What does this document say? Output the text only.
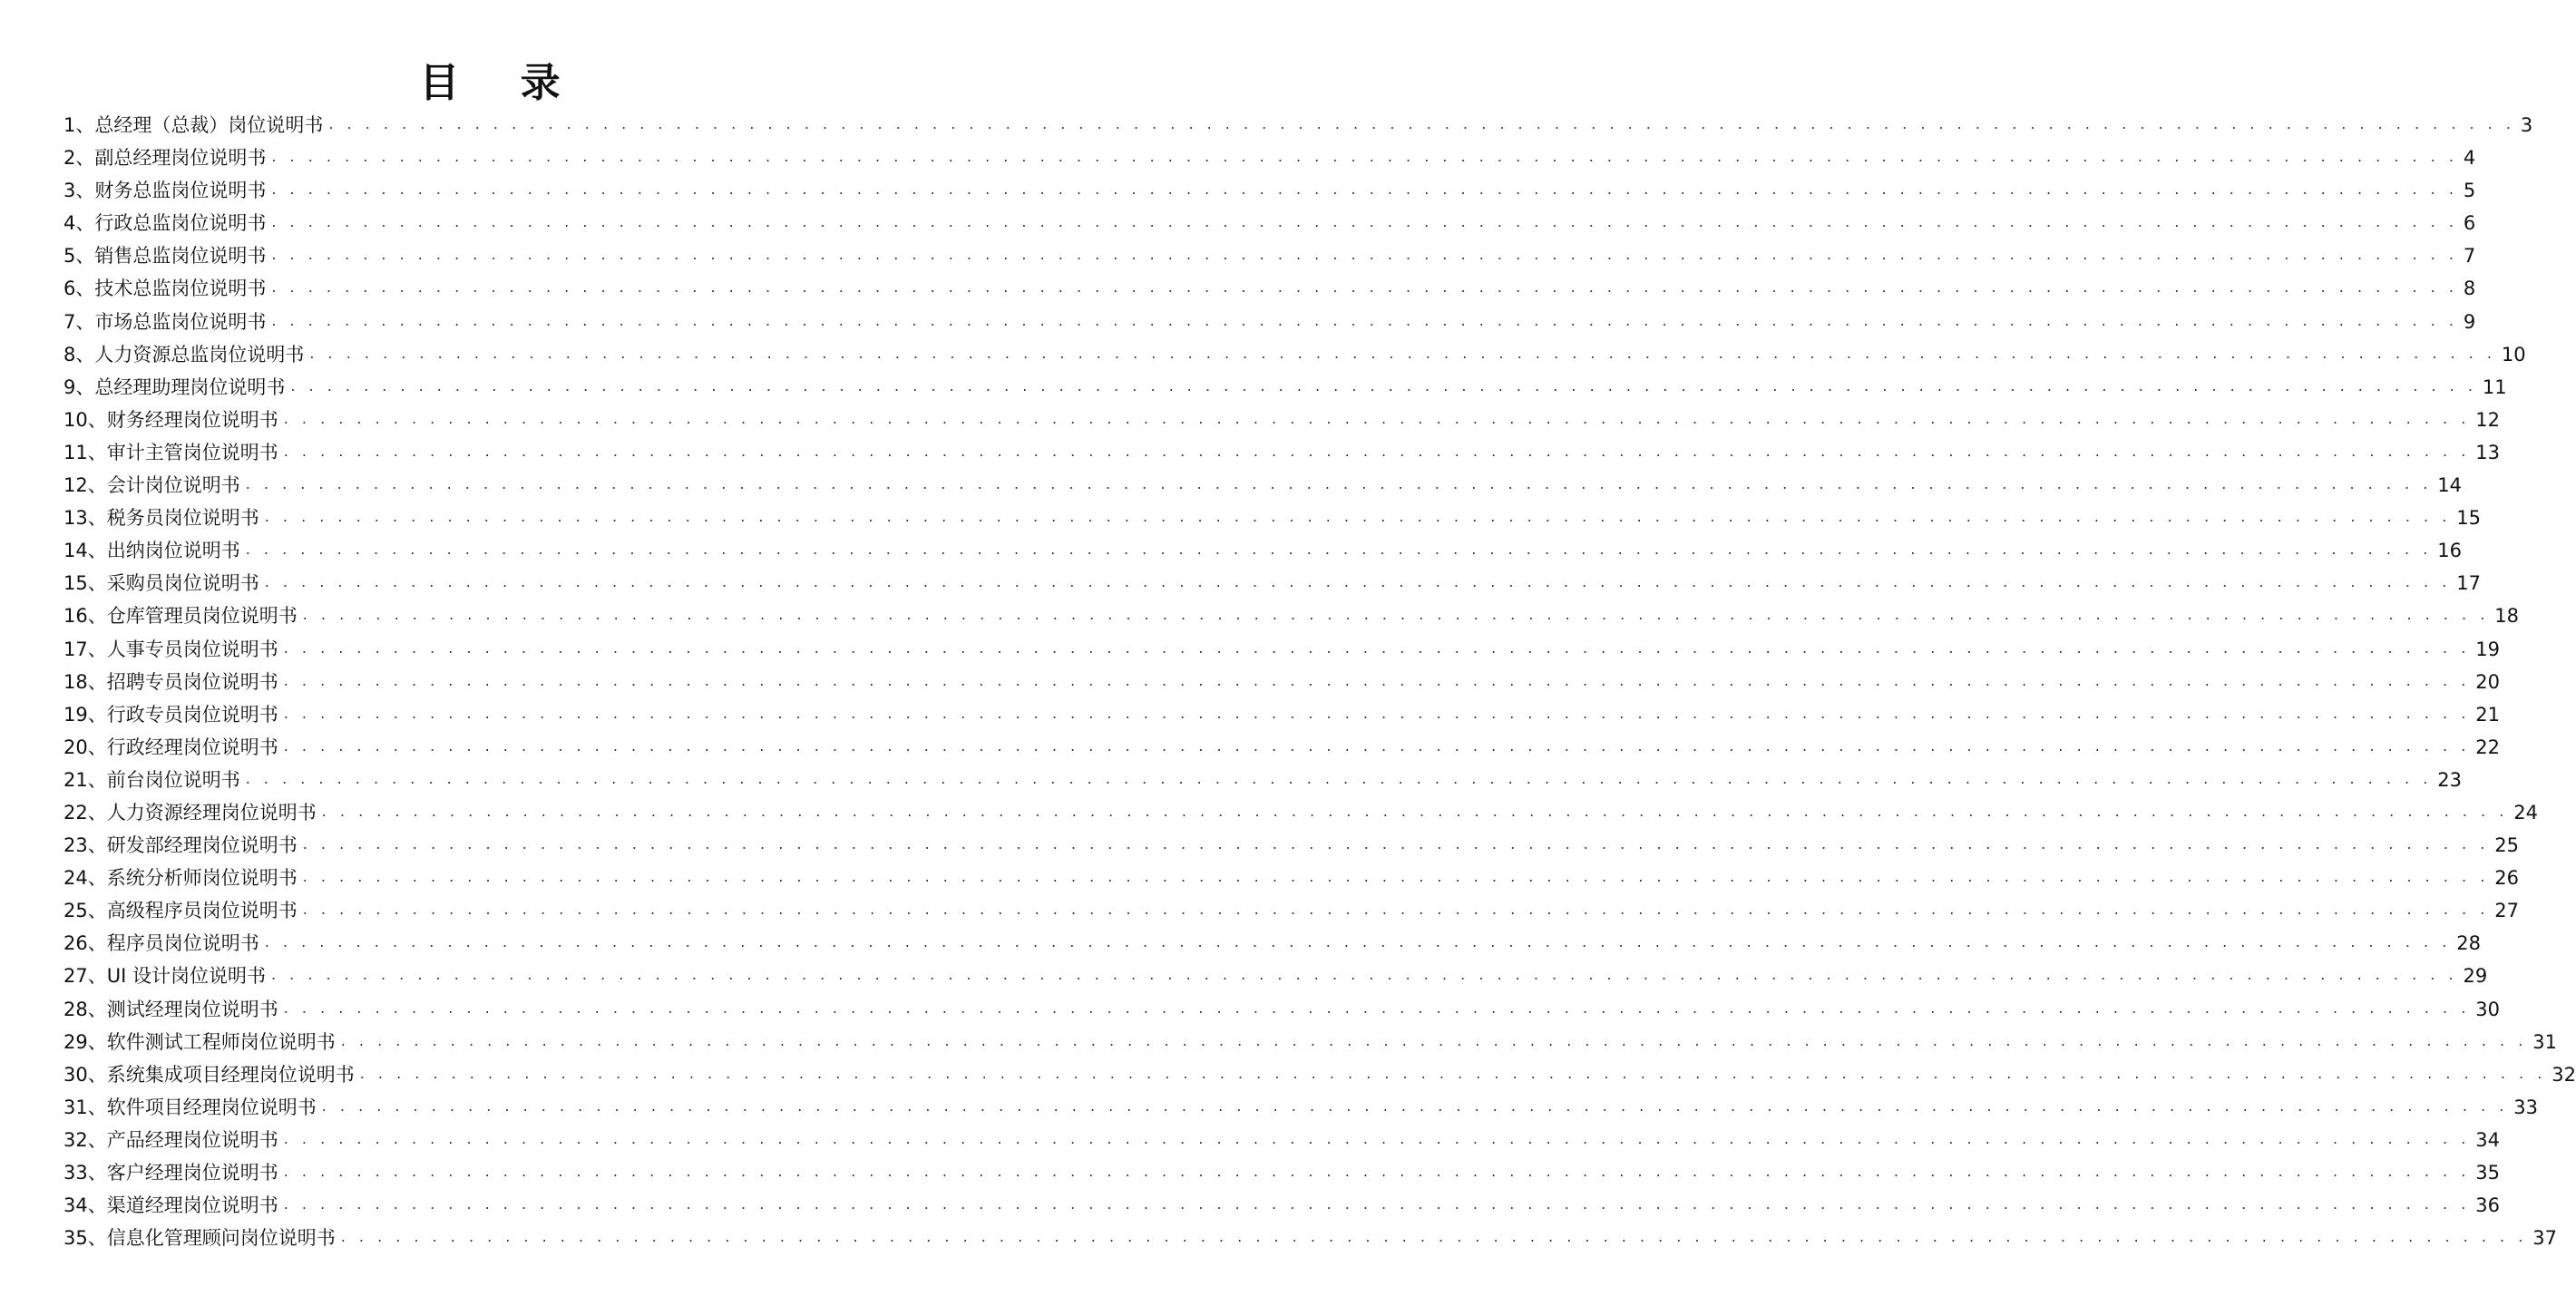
目 录
1、总经理（总裁）岗位说明书 . . . . . . . . . . . . . . . . . . . . . . . . . . . . . . . . . . . . . . . . . . . . . . . . . . . . . . . . . . . . . . . . . . . . . . . . . . . . . . . . . . . . . . . . . . . . . . . . . . . . . . . . . . . . . . . . . . . . . . . . 3
2、副总经理岗位说明书 . . . . . . . . . . . . . . . . . . . . . . . . . . . . . . . . . . . . . . . . . . . . . . . . . . . . . . . . . . . . . . . . . . . . . . . . . . . . . . . . . . . . . . . . . . . . . . . . . . . . . . . . . . . . . . . . . . . . . . . . 4
3、财务总监岗位说明书 . . . . . . . . . . . . . . . . . . . . . . . . . . . . . . . . . . . . . . . . . . . . . . . . . . . . . . . . . . . . . . . . . . . . . . . . . . . . . . . . . . . . . . . . . . . . . . . . . . . . . . . . . . . . . . . . . . . . . . . . 5
4、行政总监岗位说明书 . . . . . . . . . . . . . . . . . . . . . . . . . . . . . . . . . . . . . . . . . . . . . . . . . . . . . . . . . . . . . . . . . . . . . . . . . . . . . . . . . . . . . . . . . . . . . . . . . . . . . . . . . . . . . . . . . . . . . . . . 6
5、销售总监岗位说明书 . . . . . . . . . . . . . . . . . . . . . . . . . . . . . . . . . . . . . . . . . . . . . . . . . . . . . . . . . . . . . . . . . . . . . . . . . . . . . . . . . . . . . . . . . . . . . . . . . . . . . . . . . . . . . . . . . . . . . . . . 7
6、技术总监岗位说明书 . . . . . . . . . . . . . . . . . . . . . . . . . . . . . . . . . . . . . . . . . . . . . . . . . . . . . . . . . . . . . . . . . . . . . . . . . . . . . . . . . . . . . . . . . . . . . . . . . . . . . . . . . . . . . . . . . . . . . . . . 8
7、市场总监岗位说明书 . . . . . . . . . . . . . . . . . . . . . . . . . . . . . . . . . . . . . . . . . . . . . . . . . . . . . . . . . . . . . . . . . . . . . . . . . . . . . . . . . . . . . . . . . . . . . . . . . . . . . . . . . . . . . . . . . . . . . . . . 9
8、人力资源总监岗位说明书 . . . . . . . . . . . . . . . . . . . . . . . . . . . . . . . . . . . . . . . . . . . . . . . . . . . . . . . . . . . . . . . . . . . . . . . . . . . . . . . . . . . . . . . . . . . . . . . . . . . . . . . . . . . . . . . . . . . . . . . . 10
9、总经理助理岗位说明书 . . . . . . . . . . . . . . . . . . . . . . . . . . . . . . . . . . . . . . . . . . . . . . . . . . . . . . . . . . . . . . . . . . . . . . . . . . . . . . . . . . . . . . . . . . . . . . . . . . . . . . . . . . . . . . . . . . . . . . . . 11
10、财务经理岗位说明书 . . . . . . . . . . . . . . . . . . . . . . . . . . . . . . . . . . . . . . . . . . . . . . . . . . . . . . . . . . . . . . . . . . . . . . . . . . . . . . . . . . . . . . . . . . . . . . . . . . . . . . . . . . . . . . . . . . . . . . . . 12
11、审计主管岗位说明书 . . . . . . . . . . . . . . . . . . . . . . . . . . . . . . . . . . . . . . . . . . . . . . . . . . . . . . . . . . . . . . . . . . . . . . . . . . . . . . . . . . . . . . . . . . . . . . . . . . . . . . . . . . . . . . . . . . . . . . . . 13
12、会计岗位说明书 . . . . . . . . . . . . . . . . . . . . . . . . . . . . . . . . . . . . . . . . . . . . . . . . . . . . . . . . . . . . . . . . . . . . . . . . . . . . . . . . . . . . . . . . . . . . . . . . . . . . . . . . . . . . . . . . . . . . . . . . 14
13、税务员岗位说明书 . . . . . . . . . . . . . . . . . . . . . . . . . . . . . . . . . . . . . . . . . . . . . . . . . . . . . . . . . . . . . . . . . . . . . . . . . . . . . . . . . . . . . . . . . . . . . . . . . . . . . . . . . . . . . . . . . . . . . . . . 15
14、出纳岗位说明书 . . . . . . . . . . . . . . . . . . . . . . . . . . . . . . . . . . . . . . . . . . . . . . . . . . . . . . . . . . . . . . . . . . . . . . . . . . . . . . . . . . . . . . . . . . . . . . . . . . . . . . . . . . . . . . . . . . . . . . . . 16
15、采购员岗位说明书 . . . . . . . . . . . . . . . . . . . . . . . . . . . . . . . . . . . . . . . . . . . . . . . . . . . . . . . . . . . . . . . . . . . . . . . . . . . . . . . . . . . . . . . . . . . . . . . . . . . . . . . . . . . . . . . . . . . . . . . . 17
16、仓库管理员岗位说明书 . . . . . . . . . . . . . . . . . . . . . . . . . . . . . . . . . . . . . . . . . . . . . . . . . . . . . . . . . . . . . . . . . . . . . . . . . . . . . . . . . . . . . . . . . . . . . . . . . . . . . . . . . . . . . . . . . . . . . . . . 18
17、人事专员岗位说明书 . . . . . . . . . . . . . . . . . . . . . . . . . . . . . . . . . . . . . . . . . . . . . . . . . . . . . . . . . . . . . . . . . . . . . . . . . . . . . . . . . . . . . . . . . . . . . . . . . . . . . . . . . . . . . . . . . . . . . . . . 19
18、招聘专员岗位说明书 . . . . . . . . . . . . . . . . . . . . . . . . . . . . . . . . . . . . . . . . . . . . . . . . . . . . . . . . . . . . . . . . . . . . . . . . . . . . . . . . . . . . . . . . . . . . . . . . . . . . . . . . . . . . . . . . . . . . . . . . 20
19、行政专员岗位说明书 . . . . . . . . . . . . . . . . . . . . . . . . . . . . . . . . . . . . . . . . . . . . . . . . . . . . . . . . . . . . . . . . . . . . . . . . . . . . . . . . . . . . . . . . . . . . . . . . . . . . . . . . . . . . . . . . . . . . . . . . 21
20、行政经理岗位说明书 . . . . . . . . . . . . . . . . . . . . . . . . . . . . . . . . . . . . . . . . . . . . . . . . . . . . . . . . . . . . . . . . . . . . . . . . . . . . . . . . . . . . . . . . . . . . . . . . . . . . . . . . . . . . . . . . . . . . . . . . 22
21、前台岗位说明书 . . . . . . . . . . . . . . . . . . . . . . . . . . . . . . . . . . . . . . . . . . . . . . . . . . . . . . . . . . . . . . . . . . . . . . . . . . . . . . . . . . . . . . . . . . . . . . . . . . . . . . . . . . . . . . . . . . . . . . . . 23
22、人力资源经理岗位说明书 . . . . . . . . . . . . . . . . . . . . . . . . . . . . . . . . . . . . . . . . . . . . . . . . . . . . . . . . . . . . . . . . . . . . . . . . . . . . . . . . . . . . . . . . . . . . . . . . . . . . . . . . . . . . . . . . . . . . . . . . 24
23、研发部经理岗位说明书 . . . . . . . . . . . . . . . . . . . . . . . . . . . . . . . . . . . . . . . . . . . . . . . . . . . . . . . . . . . . . . . . . . . . . . . . . . . . . . . . . . . . . . . . . . . . . . . . . . . . . . . . . . . . . . . . . . . . . . . . 25
24、系统分析师岗位说明书 . . . . . . . . . . . . . . . . . . . . . . . . . . . . . . . . . . . . . . . . . . . . . . . . . . . . . . . . . . . . . . . . . . . . . . . . . . . . . . . . . . . . . . . . . . . . . . . . . . . . . . . . . . . . . . . . . . . . . . . . 26
25、高级程序员岗位说明书 . . . . . . . . . . . . . . . . . . . . . . . . . . . . . . . . . . . . . . . . . . . . . . . . . . . . . . . . . . . . . . . . . . . . . . . . . . . . . . . . . . . . . . . . . . . . . . . . . . . . . . . . . . . . . . . . . . . . . . . . 27
26、程序员岗位说明书 . . . . . . . . . . . . . . . . . . . . . . . . . . . . . . . . . . . . . . . . . . . . . . . . . . . . . . . . . . . . . . . . . . . . . . . . . . . . . . . . . . . . . . . . . . . . . . . . . . . . . . . . . . . . . . . . . . . . . . . . 28
27、UI 设计岗位说明书 . . . . . . . . . . . . . . . . . . . . . . . . . . . . . . . . . . . . . . . . . . . . . . . . . . . . . . . . . . . . . . . . . . . . . . . . . . . . . . . . . . . . . . . . . . . . . . . . . . . . . . . . . . . . . . . . . . . . . . . . 29
28、测试经理岗位说明书 . . . . . . . . . . . . . . . . . . . . . . . . . . . . . . . . . . . . . . . . . . . . . . . . . . . . . . . . . . . . . . . . . . . . . . . . . . . . . . . . . . . . . . . . . . . . . . . . . . . . . . . . . . . . . . . . . . . . . . . . 30
29、软件测试工程师岗位说明书 . . . . . . . . . . . . . . . . . . . . . . . . . . . . . . . . . . . . . . . . . . . . . . . . . . . . . . . . . . . . . . . . . . . . . . . . . . . . . . . . . . . . . . . . . . . . . . . . . . . . . . . . . . . . . . . . . . . . . . . . 31
30、系统集成项目经理岗位说明书 . . . . . . . . . . . . . . . . . . . . . . . . . . . . . . . . . . . . . . . . . . . . . . . . . . . . . . . . . . . . . . . . . . . . . . . . . . . . . . . . . . . . . . . . . . . . . . . . . . . . . . . . . . . . . . . . . . . . . . . . 32
31、软件项目经理岗位说明书 . . . . . . . . . . . . . . . . . . . . . . . . . . . . . . . . . . . . . . . . . . . . . . . . . . . . . . . . . . . . . . . . . . . . . . . . . . . . . . . . . . . . . . . . . . . . . . . . . . . . . . . . . . . . . . . . . . . . . . . . 33
32、产品经理岗位说明书 . . . . . . . . . . . . . . . . . . . . . . . . . . . . . . . . . . . . . . . . . . . . . . . . . . . . . . . . . . . . . . . . . . . . . . . . . . . . . . . . . . . . . . . . . . . . . . . . . . . . . . . . . . . . . . . . . . . . . . . . 34
33、客户经理岗位说明书 . . . . . . . . . . . . . . . . . . . . . . . . . . . . . . . . . . . . . . . . . . . . . . . . . . . . . . . . . . . . . . . . . . . . . . . . . . . . . . . . . . . . . . . . . . . . . . . . . . . . . . . . . . . . . . . . . . . . . . . . 35
34、渠道经理岗位说明书 . . . . . . . . . . . . . . . . . . . . . . . . . . . . . . . . . . . . . . . . . . . . . . . . . . . . . . . . . . . . . . . . . . . . . . . . . . . . . . . . . . . . . . . . . . . . . . . . . . . . . . . . . . . . . . . . . . . . . . . . 36
35、信息化管理顾问岗位说明书 . . . . . . . . . . . . . . . . . . . . . . . . . . . . . . . . . . . . . . . . . . . . . . . . . . . . . . . . . . . . . . . . . . . . . . . . . . . . . . . . . . . . . . . . . . . . . . . . . . . . . . . . . . . . . . . . . . . . . . . . 37
